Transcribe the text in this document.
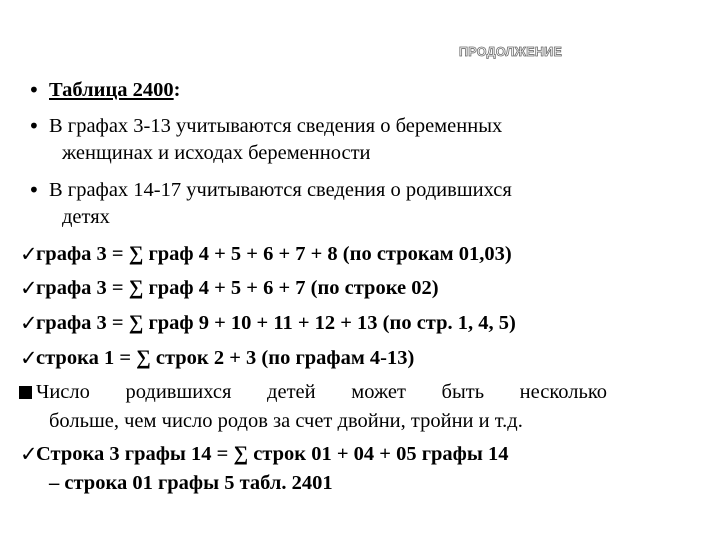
ПРОДОЛЖЕНИЕ
• Таблица 2400:
• В графах 3-13 учитываются сведения о беременных
женщинах и исходах беременности
• В графах 14-17 учитываются сведения о родившихся
детях
✓
графа 3 = ∑ граф 4 + 5 + 6 + 7 + 8 (по строкам 01,03)
✓
графа 3 = ∑ граф 4 + 5 + 6 + 7 (по строке 02)
✓
графа 3 = ∑ граф 9 + 10 + 11 + 12 + 13 (по стр. 1, 4, 5)
✓
строка 1 = ∑ строк 2 + 3 (по графам 4-13)
Число родившихся детей может быть несколько
больше, чем число родов за счет двойни, тройни и т.д.
✓
Строка 3 графы 14 = ∑ строк 01 + 04 + 05 графы 14
– строка 01 графы 5 табл. 2401
